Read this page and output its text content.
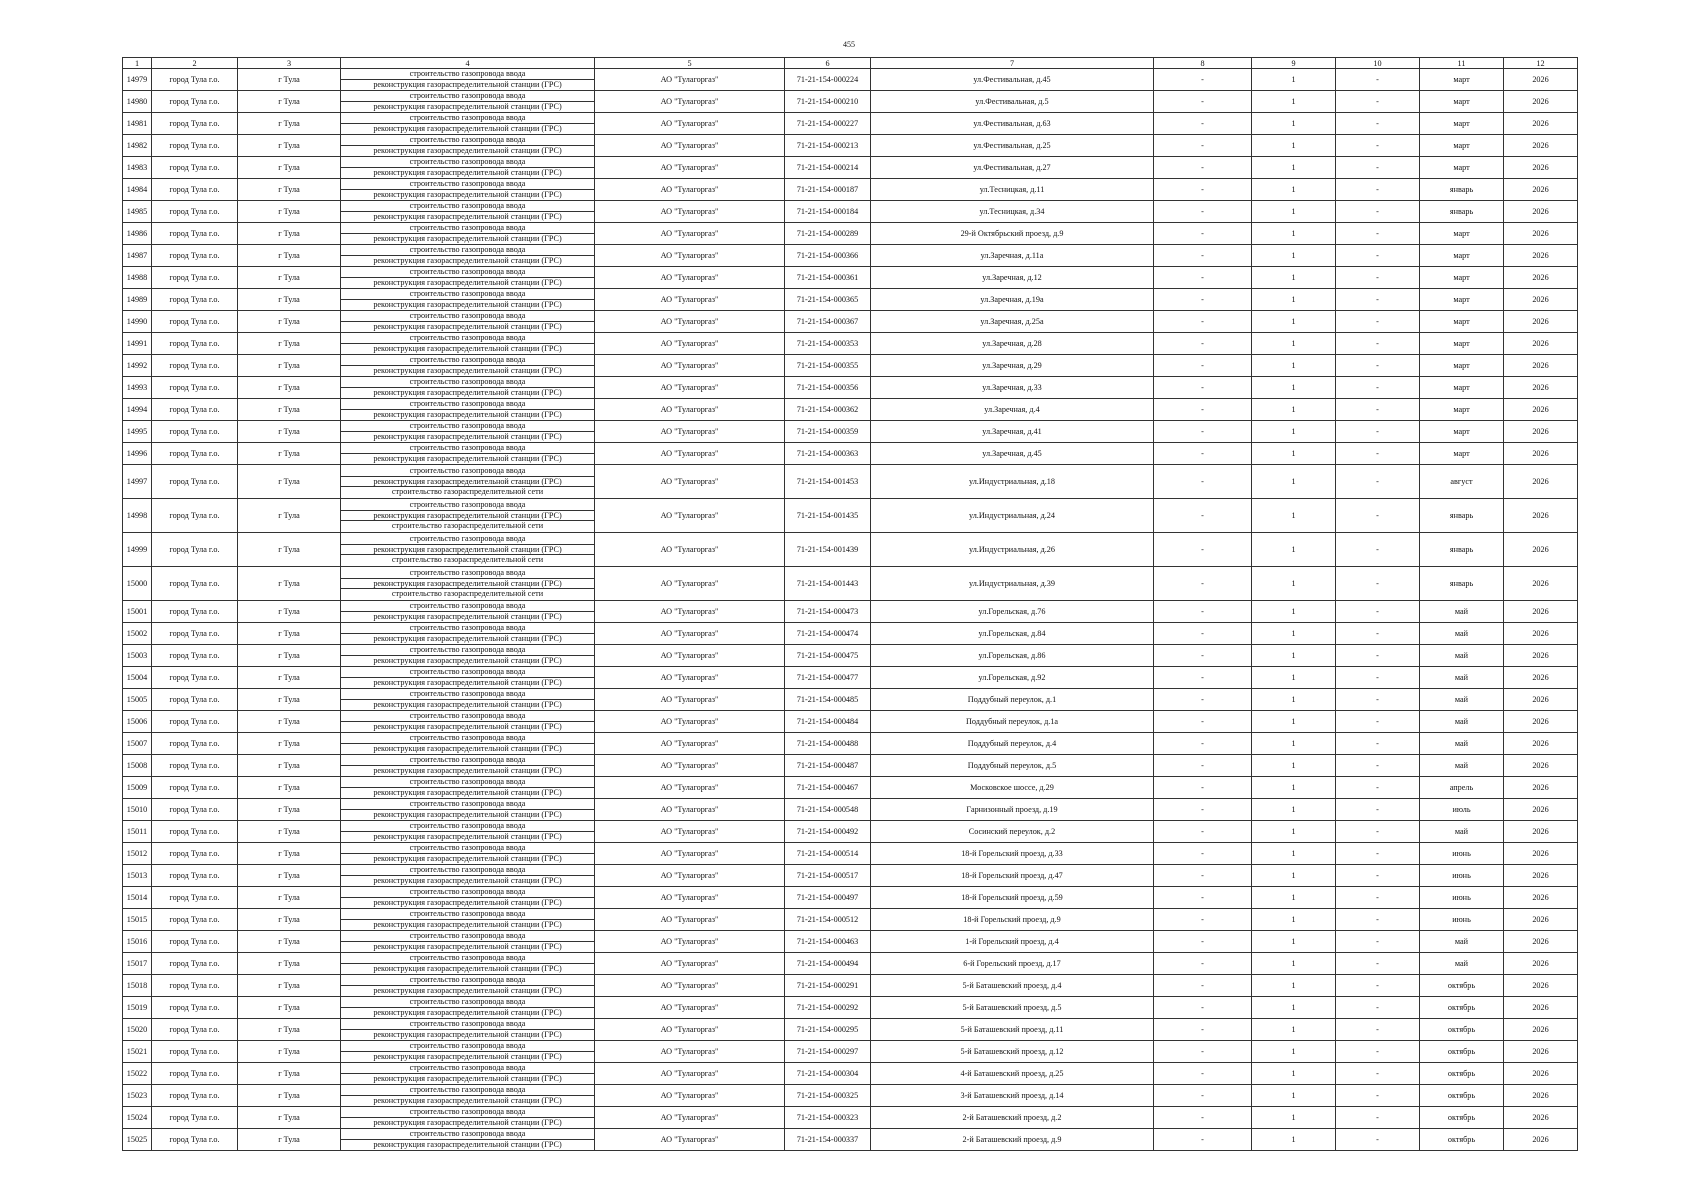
455
1	2	3	4	5	6	7	8	9	10	11	12
14979	город Тула г.о.	г Тула	строительство газопровода ввода
реконструкция газораспределительной станции (ГРС)	АО "Тулагоргаз"	71-21-154-000224	ул.Фестивальная, д.45	-	1	-	март	2026
14980	город Тула г.о.	г Тула	строительство газопровода ввода
реконструкция газораспределительной станции (ГРС)	АО "Тулагоргаз"	71-21-154-000210	ул.Фестивальная, д.5	-	1	-	март	2026
14981	город Тула г.о.	г Тула	строительство газопровода ввода
реконструкция газораспределительной станции (ГРС)	АО "Тулагоргаз"	71-21-154-000227	ул.Фестивальная, д.63	-	1	-	март	2026
14982	город Тула г.о.	г Тула	строительство газопровода ввода
реконструкция газораспределительной станции (ГРС)	АО "Тулагоргаз"	71-21-154-000213	ул.Фестивальная, д.25	-	1	-	март	2026
14983	город Тула г.о.	г Тула	строительство газопровода ввода
реконструкция газораспределительной станции (ГРС)	АО "Тулагоргаз"	71-21-154-000214	ул.Фестивальная, д.27	-	1	-	март	2026
14984	город Тула г.о.	г Тула	строительство газопровода ввода
реконструкция газораспределительной станции (ГРС)	АО "Тулагоргаз"	71-21-154-000187	ул.Тесницкая, д.11	-	1	-	январь	2026
14985	город Тула г.о.	г Тула	строительство газопровода ввода
реконструкция газораспределительной станции (ГРС)	АО "Тулагоргаз"	71-21-154-000184	ул.Тесницкая, д.34	-	1	-	январь	2026
14986	город Тула г.о.	г Тула	строительство газопровода ввода
реконструкция газораспределительной станции (ГРС)	АО "Тулагоргаз"	71-21-154-000289	29-й Октябрьский проезд, д.9	-	1	-	март	2026
14987	город Тула г.о.	г Тула	строительство газопровода ввода
реконструкция газораспределительной станции (ГРС)	АО "Тулагоргаз"	71-21-154-000366	ул.Заречная, д.11а	-	1	-	март	2026
14988	город Тула г.о.	г Тула	строительство газопровода ввода
реконструкция газораспределительной станции (ГРС)	АО "Тулагоргаз"	71-21-154-000361	ул.Заречная, д.12	-	1	-	март	2026
14989	город Тула г.о.	г Тула	строительство газопровода ввода
реконструкция газораспределительной станции (ГРС)	АО "Тулагоргаз"	71-21-154-000365	ул.Заречная, д.19а	-	1	-	март	2026
14990	город Тула г.о.	г Тула	строительство газопровода ввода
реконструкция газораспределительной станции (ГРС)	АО "Тулагоргаз"	71-21-154-000367	ул.Заречная, д.25а	-	1	-	март	2026
14991	город Тула г.о.	г Тула	строительство газопровода ввода
реконструкция газораспределительной станции (ГРС)	АО "Тулагоргаз"	71-21-154-000353	ул.Заречная, д.28	-	1	-	март	2026
14992	город Тула г.о.	г Тула	строительство газопровода ввода
реконструкция газораспределительной станции (ГРС)	АО "Тулагоргаз"	71-21-154-000355	ул.Заречная, д.29	-	1	-	март	2026
14993	город Тула г.о.	г Тула	строительство газопровода ввода
реконструкция газораспределительной станции (ГРС)	АО "Тулагоргаз"	71-21-154-000356	ул.Заречная, д.33	-	1	-	март	2026
14994	город Тула г.о.	г Тула	строительство газопровода ввода
реконструкция газораспределительной станции (ГРС)	АО "Тулагоргаз"	71-21-154-000362	ул.Заречная, д.4	-	1	-	март	2026
14995	город Тула г.о.	г Тула	строительство газопровода ввода
реконструкция газораспределительной станции (ГРС)	АО "Тулагоргаз"	71-21-154-000359	ул.Заречная, д.41	-	1	-	март	2026
14996	город Тула г.о.	г Тула	строительство газопровода ввода
реконструкция газораспределительной станции (ГРС)	АО "Тулагоргаз"	71-21-154-000363	ул.Заречная, д.45	-	1	-	март	2026
14997	город Тула г.о.	г Тула	строительство газопровода ввода
реконструкция газораспределительной станции (ГРС)
строительство газораспределительной сети	АО "Тулагоргаз"	71-21-154-001453	ул.Индустриальная, д.18	-	1	-	август	2026
14998	город Тула г.о.	г Тула	строительство газопровода ввода
реконструкция газораспределительной станции (ГРС)
строительство газораспределительной сети	АО "Тулагоргаз"	71-21-154-001435	ул.Индустриальная, д.24	-	1	-	январь	2026
14999	город Тула г.о.	г Тула	строительство газопровода ввода
реконструкция газораспределительной станции (ГРС)
строительство газораспределительной сети	АО "Тулагоргаз"	71-21-154-001439	ул.Индустриальная, д.26	-	1	-	январь	2026
15000	город Тула г.о.	г Тула	строительство газопровода ввода
реконструкция газораспределительной станции (ГРС)
строительство газораспределительной сети	АО "Тулагоргаз"	71-21-154-001443	ул.Индустриальная, д.39	-	1	-	январь	2026
15001	город Тула г.о.	г Тула	строительство газопровода ввода
реконструкция газораспределительной станции (ГРС)	АО "Тулагоргаз"	71-21-154-000473	ул.Горельская, д.76	-	1	-	май	2026
15002	город Тула г.о.	г Тула	строительство газопровода ввода
реконструкция газораспределительной станции (ГРС)	АО "Тулагоргаз"	71-21-154-000474	ул.Горельская, д.84	-	1	-	май	2026
15003	город Тула г.о.	г Тула	строительство газопровода ввода
реконструкция газораспределительной станции (ГРС)	АО "Тулагоргаз"	71-21-154-000475	ул.Горельская, д.86	-	1	-	май	2026
15004	город Тула г.о.	г Тула	строительство газопровода ввода
реконструкция газораспределительной станции (ГРС)	АО "Тулагоргаз"	71-21-154-000477	ул.Горельская, д.92	-	1	-	май	2026
15005	город Тула г.о.	г Тула	строительство газопровода ввода
реконструкция газораспределительной станции (ГРС)	АО "Тулагоргаз"	71-21-154-000485	Поддубный переулок, д.1	-	1	-	май	2026
15006	город Тула г.о.	г Тула	строительство газопровода ввода
реконструкция газораспределительной станции (ГРС)	АО "Тулагоргаз"	71-21-154-000484	Поддубный переулок, д.1а	-	1	-	май	2026
15007	город Тула г.о.	г Тула	строительство газопровода ввода
реконструкция газораспределительной станции (ГРС)	АО "Тулагоргаз"	71-21-154-000488	Поддубный переулок, д.4	-	1	-	май	2026
15008	город Тула г.о.	г Тула	строительство газопровода ввода
реконструкция газораспределительной станции (ГРС)	АО "Тулагоргаз"	71-21-154-000487	Поддубный переулок, д.5	-	1	-	май	2026
15009	город Тула г.о.	г Тула	строительство газопровода ввода
реконструкция газораспределительной станции (ГРС)	АО "Тулагоргаз"	71-21-154-000467	Московское шоссе, д.29	-	1	-	апрель	2026
15010	город Тула г.о.	г Тула	строительство газопровода ввода
реконструкция газораспределительной станции (ГРС)	АО "Тулагоргаз"	71-21-154-000548	Гарнизонный проезд, д.19	-	1	-	июль	2026
15011	город Тула г.о.	г Тула	строительство газопровода ввода
реконструкция газораспределительной станции (ГРС)	АО "Тулагоргаз"	71-21-154-000492	Сосинский переулок, д.2	-	1	-	май	2026
15012	город Тула г.о.	г Тула	строительство газопровода ввода
реконструкция газораспределительной станции (ГРС)	АО "Тулагоргаз"	71-21-154-000514	18-й Горельский проезд, д.33	-	1	-	июнь	2026
15013	город Тула г.о.	г Тула	строительство газопровода ввода
реконструкция газораспределительной станции (ГРС)	АО "Тулагоргаз"	71-21-154-000517	18-й Горельский проезд, д.47	-	1	-	июнь	2026
15014	город Тула г.о.	г Тула	строительство газопровода ввода
реконструкция газораспределительной станции (ГРС)	АО "Тулагоргаз"	71-21-154-000497	18-й Горельский проезд, д.59	-	1	-	июнь	2026
15015	город Тула г.о.	г Тула	строительство газопровода ввода
реконструкция газораспределительной станции (ГРС)	АО "Тулагоргаз"	71-21-154-000512	18-й Горельский проезд, д.9	-	1	-	июнь	2026
15016	город Тула г.о.	г Тула	строительство газопровода ввода
реконструкция газораспределительной станции (ГРС)	АО "Тулагоргаз"	71-21-154-000463	1-й Горельский проезд, д.4	-	1	-	май	2026
15017	город Тула г.о.	г Тула	строительство газопровода ввода
реконструкция газораспределительной станции (ГРС)	АО "Тулагоргаз"	71-21-154-000494	6-й Горельский проезд, д.17	-	1	-	май	2026
15018	город Тула г.о.	г Тула	строительство газопровода ввода
реконструкция газораспределительной станции (ГРС)	АО "Тулагоргаз"	71-21-154-000291	5-й Баташевский проезд, д.4	-	1	-	октябрь	2026
15019	город Тула г.о.	г Тула	строительство газопровода ввода
реконструкция газораспределительной станции (ГРС)	АО "Тулагоргаз"	71-21-154-000292	5-й Баташевский проезд, д.5	-	1	-	октябрь	2026
15020	город Тула г.о.	г Тула	строительство газопровода ввода
реконструкция газораспределительной станции (ГРС)	АО "Тулагоргаз"	71-21-154-000295	5-й Баташевский проезд, д.11	-	1	-	октябрь	2026
15021	город Тула г.о.	г Тула	строительство газопровода ввода
реконструкция газораспределительной станции (ГРС)	АО "Тулагоргаз"	71-21-154-000297	5-й Баташевский проезд, д.12	-	1	-	октябрь	2026
15022	город Тула г.о.	г Тула	строительство газопровода ввода
реконструкция газораспределительной станции (ГРС)	АО "Тулагоргаз"	71-21-154-000304	4-й Баташевский проезд, д.25	-	1	-	октябрь	2026
15023	город Тула г.о.	г Тула	строительство газопровода ввода
реконструкция газораспределительной станции (ГРС)	АО "Тулагоргаз"	71-21-154-000325	3-й Баташевский проезд, д.14	-	1	-	октябрь	2026
15024	город Тула г.о.	г Тула	строительство газопровода ввода
реконструкция газораспределительной станции (ГРС)	АО "Тулагоргаз"	71-21-154-000323	2-й Баташевский проезд, д.2	-	1	-	октябрь	2026
15025	город Тула г.о.	г Тула	строительство газопровода ввода
реконструкция газораспределительной станции (ГРС)	АО "Тулагоргаз"	71-21-154-000337	2-й Баташевский проезд, д.9	-	1	-	октябрь	2026
